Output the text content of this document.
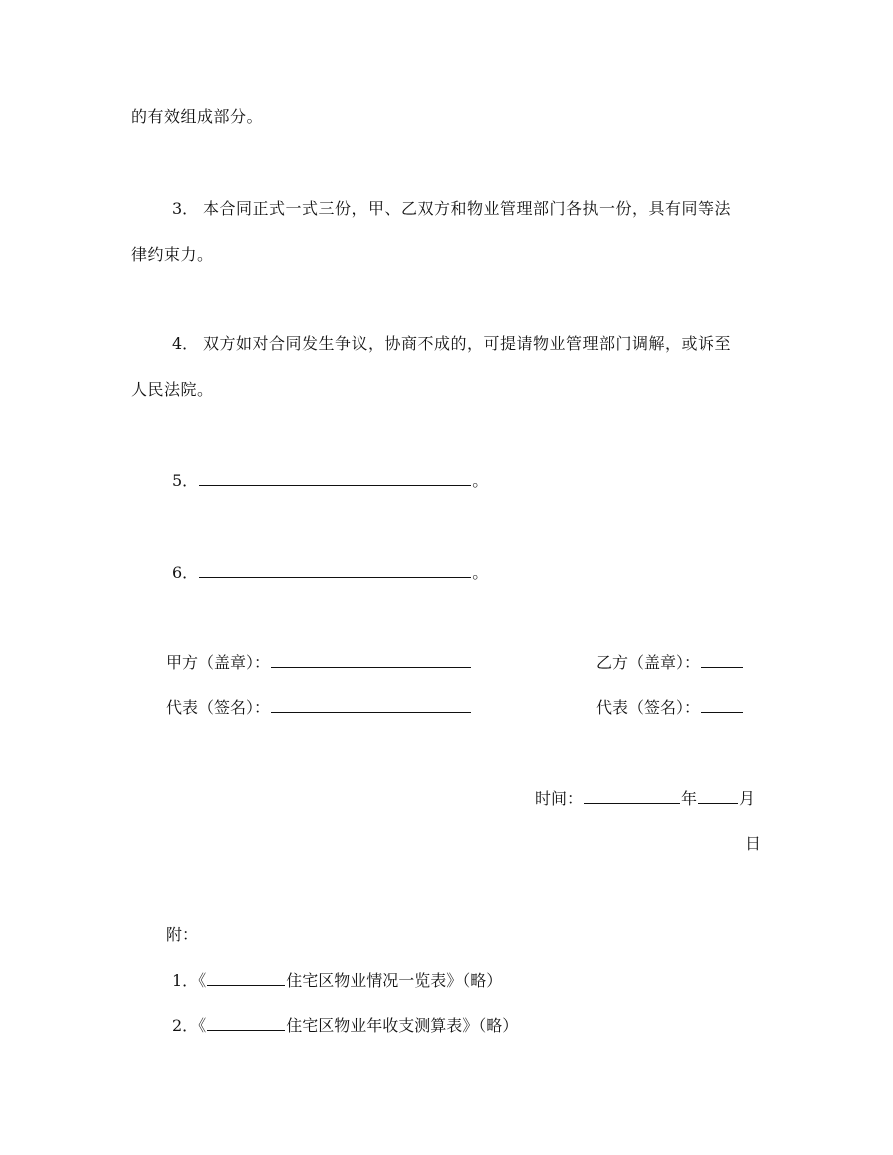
的有效组成部分。
3． 本合同正式一式三份，甲、乙双方和物业管理部门各执一份，具有同等法
律约束力。
4． 双方如对合同发生争议，协商不成的，可提请物业管理部门调解，或诉至
人民法院。
5．	。
6．	。
甲方（盖章）：	乙方（盖章）：
代表（签名）：	代表（签名）：
时间：	年	月
日
附：
1．《	住宅区物业情况一览表》（略）
2．《	住宅区物业年收支测算表》（略）
